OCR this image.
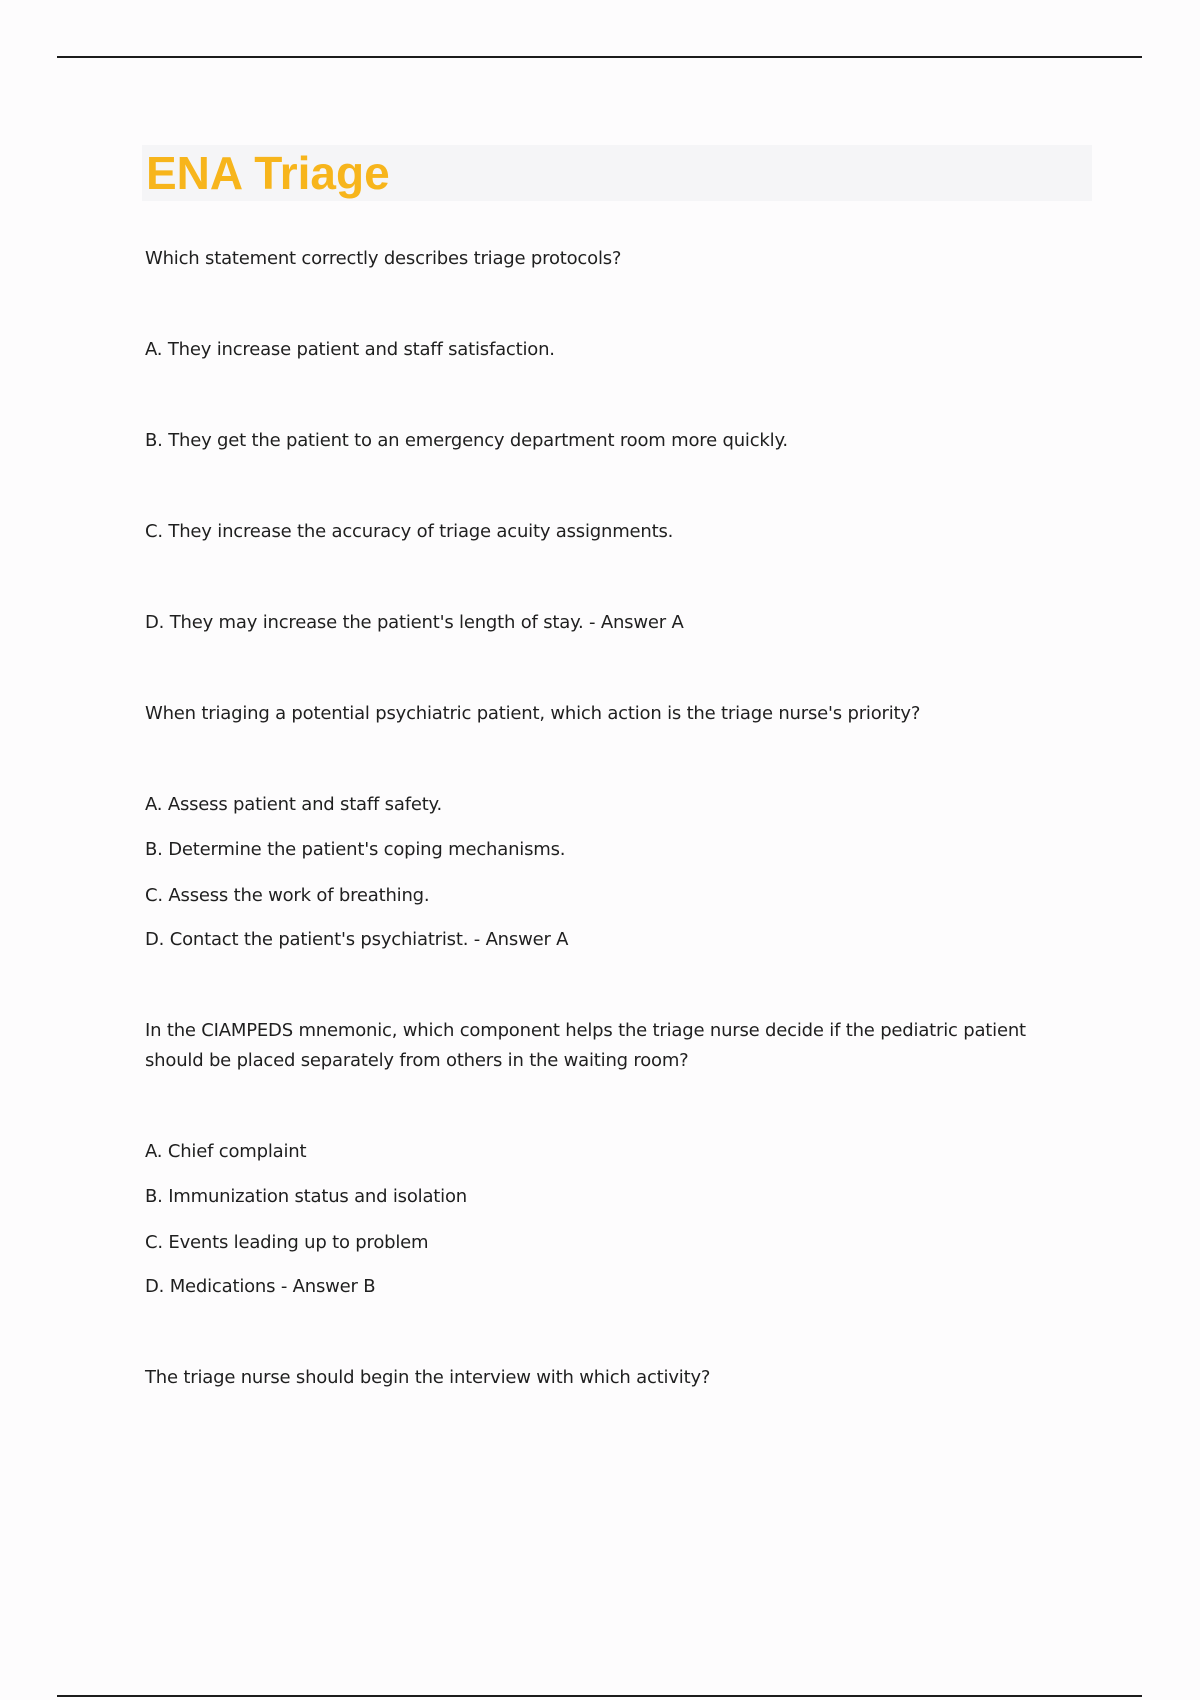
ENA Triage

Which statement correctly describes triage protocols?

A. They increase patient and staff satisfaction.

B. They get the patient to an emergency department room more quickly.

C. They increase the accuracy of triage acuity assignments.

D. They may increase the patient's length of stay. - Answer A

When triaging a potential psychiatric patient, which action is the triage nurse's priority?

A. Assess patient and staff safety.

B. Determine the patient's coping mechanisms.

C. Assess the work of breathing.

D. Contact the patient's psychiatrist. - Answer A

In the CIAMPEDS mnemonic, which component helps the triage nurse decide if the pediatric patient

should be placed separately from others in the waiting room?

A. Chief complaint

B. Immunization status and isolation

C. Events leading up to problem

D. Medications - Answer B

The triage nurse should begin the interview with which activity?
